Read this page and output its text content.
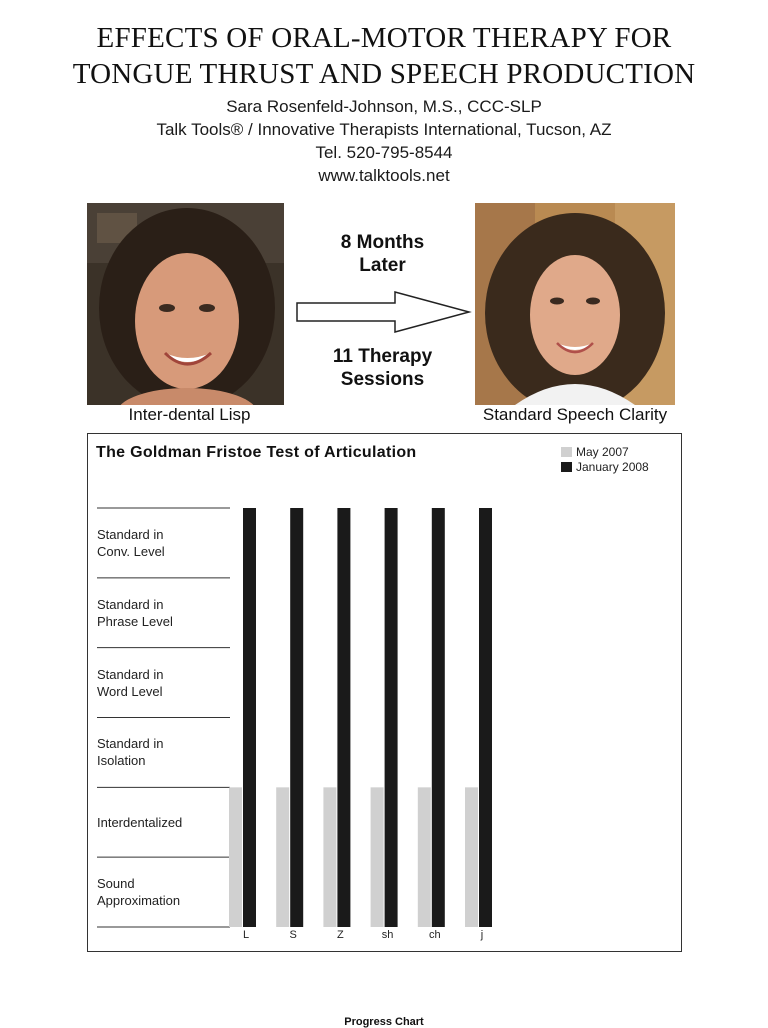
EFFECTS OF ORAL-MOTOR THERAPY FOR
TONGUE THRUST AND SPEECH PRODUCTION
Sara Rosenfeld-Johnson, M.S., CCC-SLP
Talk Tools® / Innovative Therapists International, Tucson, AZ
Tel. 520-795-8544
www.talktools.net
8 Months
Later
11 Therapy
Sessions
Inter-dental Lisp	Standard Speech Clarity
The Goldman Fristoe Test of Articulation	May 2007
January 2008
L	S	Z	sh	ch	j
Sound
Approximation
Interdentalized
Standard in
Isolation
Standard in
Word Level
Standard in
Phrase Level
Standard in
Conv. Level
Progress Chart
